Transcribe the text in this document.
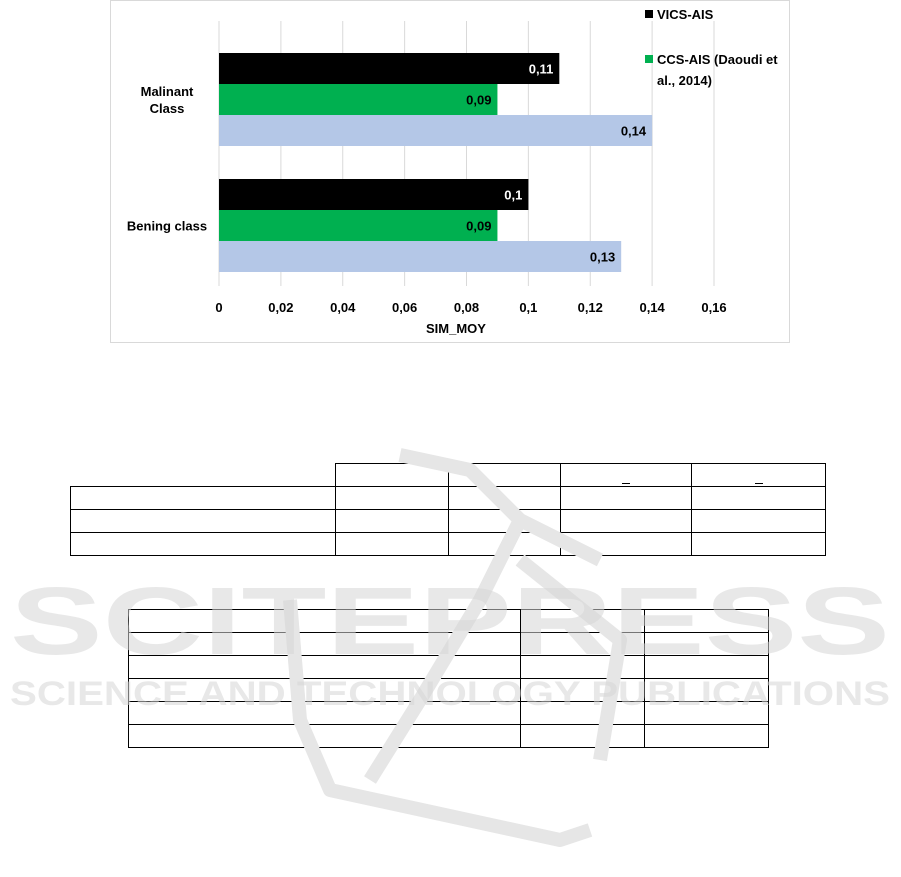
0,11
0,09
0,14
0,1
0,09
0,13
0	0,02	0,04	0,06	0,08	0,1	0,12	0,14	0,16
Malinant Class
Bening class
VICS-AIS
CCS-AIS (Daoudi et al., 2014)
SIM_MOY

SCITEPRESS
SCIENCE AND TECHNOLOGY PUBLICATIONS
